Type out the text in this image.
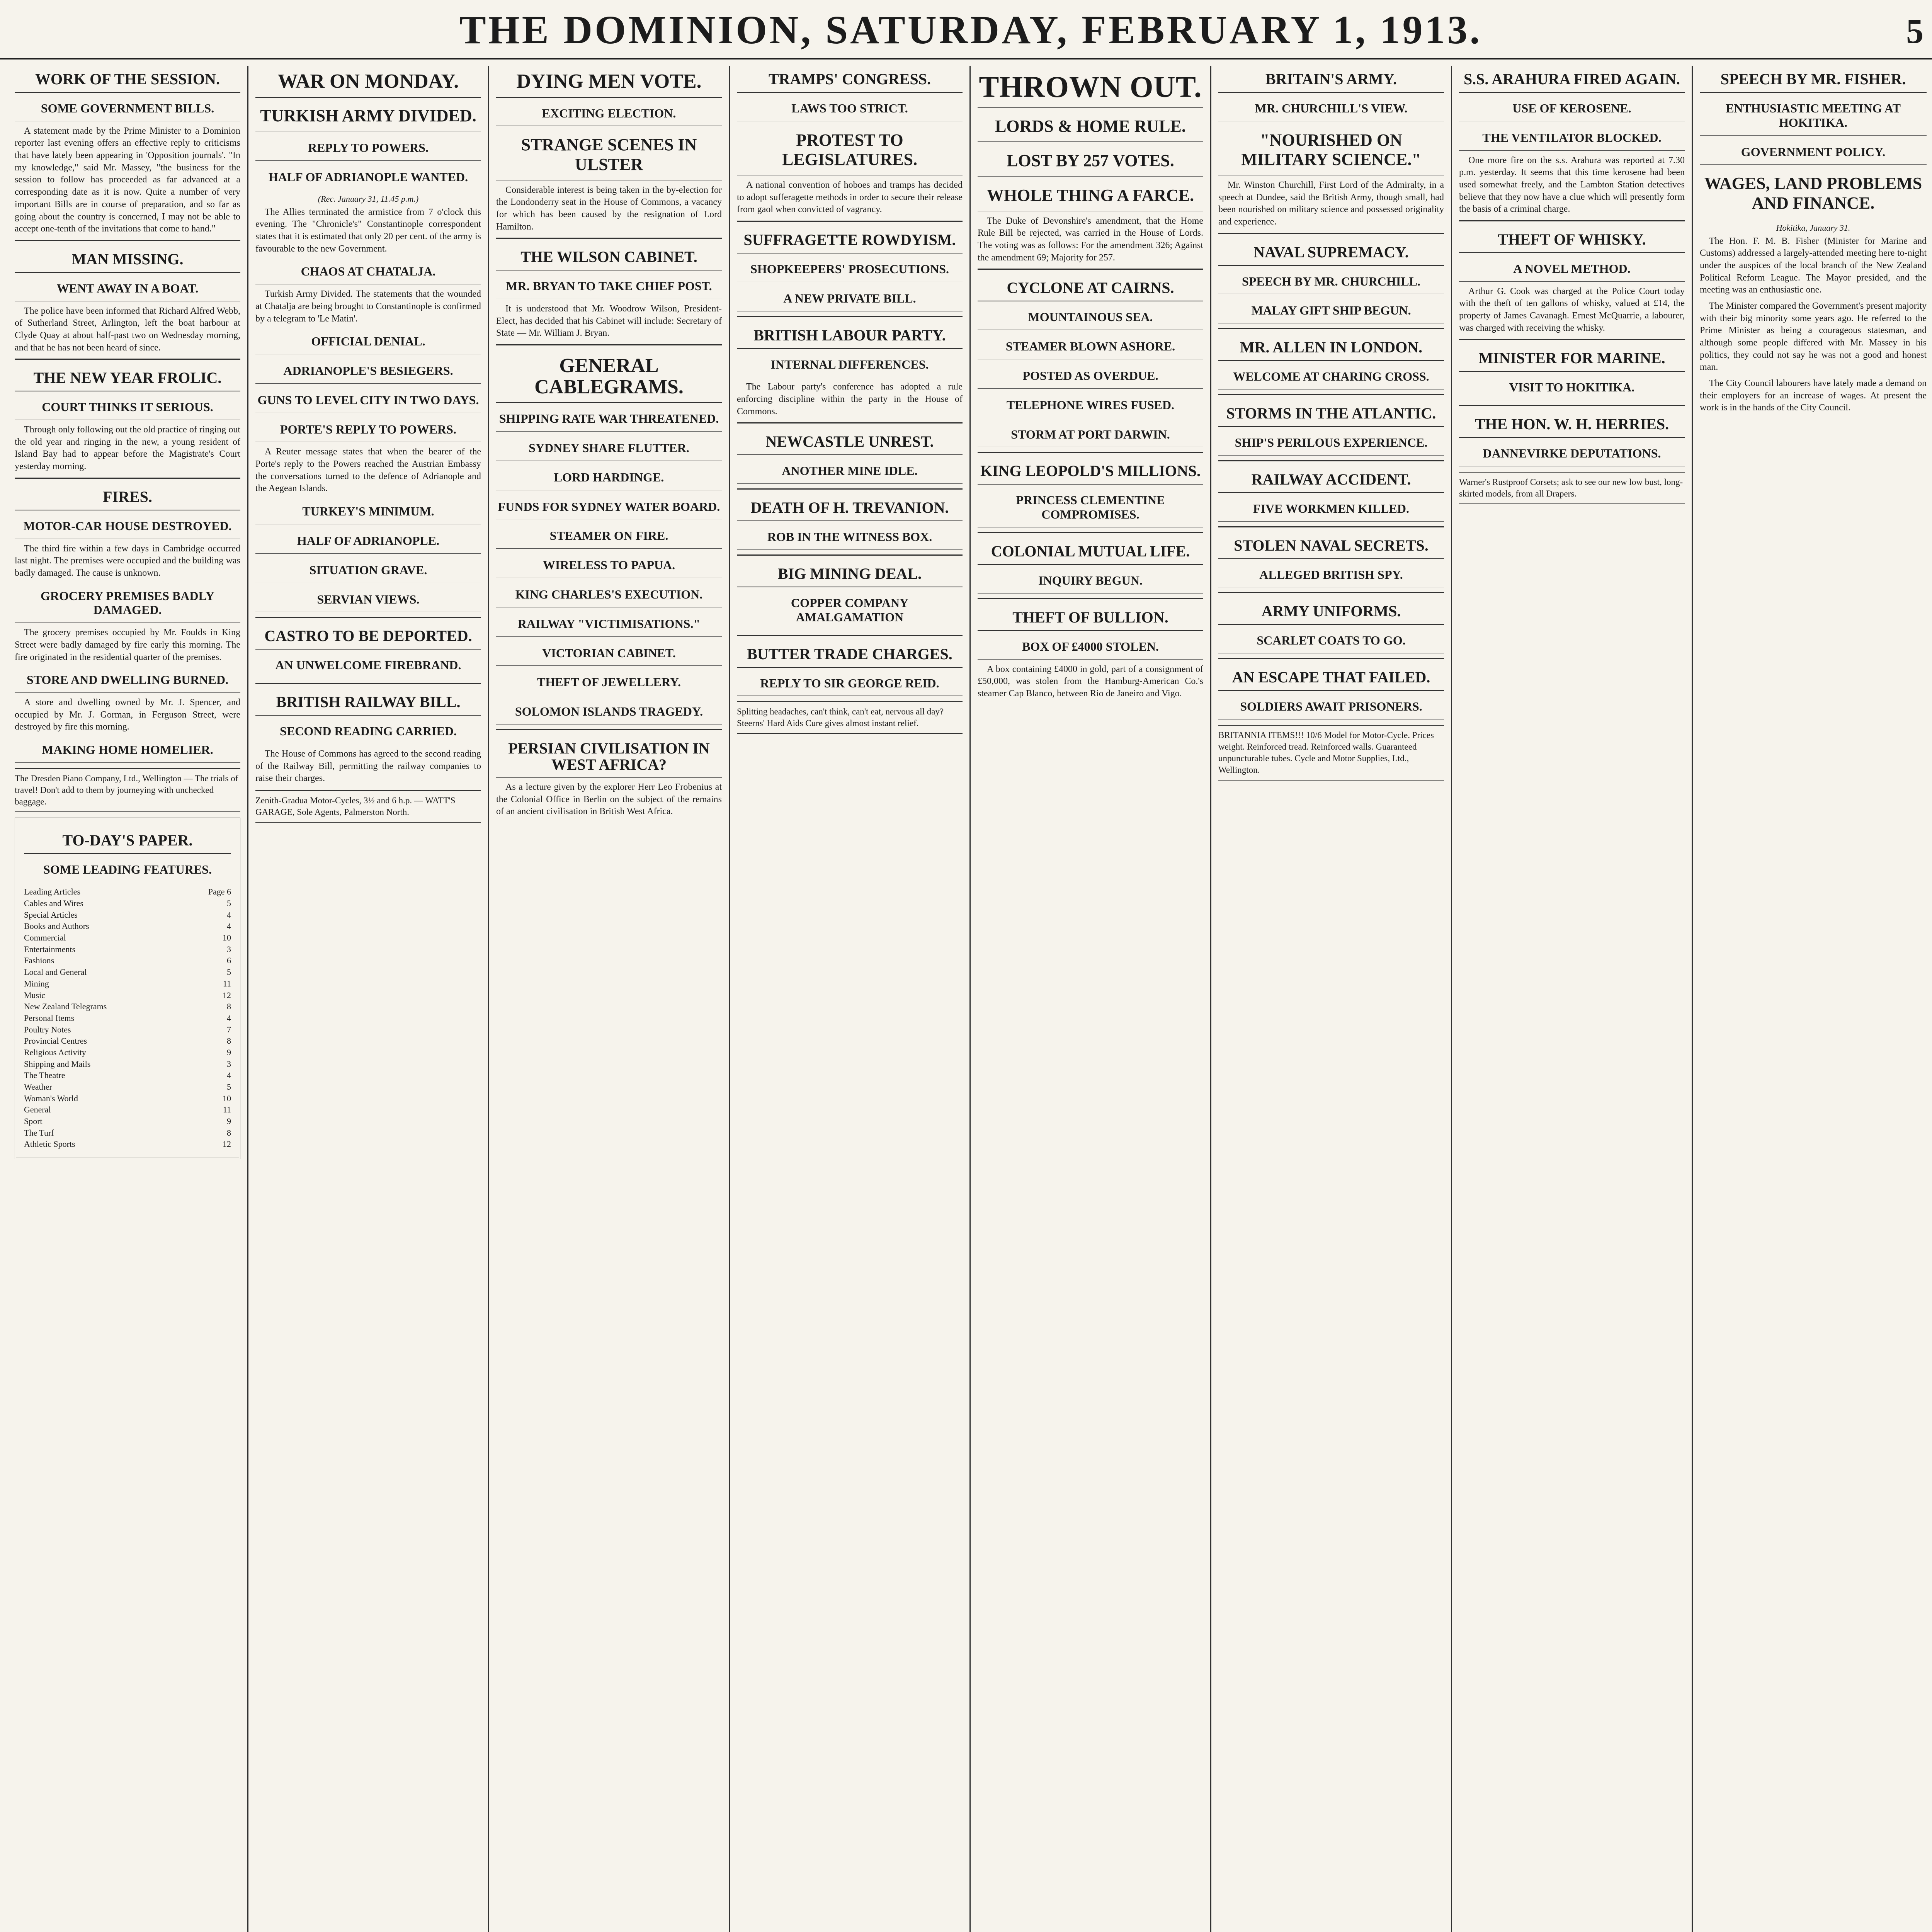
THE DOMINION, SATURDAY, FEBRUARY 1, 1913.	5
WORK OF THE SESSION.
SOME GOVERNMENT BILLS.

A statement made by the Prime Minister to a Dominion reporter last evening offers an effective reply to criticisms that have lately been appearing in 'Opposition journals'. "In my knowledge," said Mr. Massey, "the business for the session to follow has proceeded as far advanced at a corresponding date as it is now. Quite a number of very important Bills are in course of preparation, and so far as going about the country is concerned, I may not be able to accept one-tenth of the invitations that come to hand."

MAN MISSING.
WENT AWAY IN A BOAT.

The police have been informed that Richard Alfred Webb, of Sutherland Street, Arlington, left the boat harbour at Clyde Quay at about half-past two on Wednesday morning, and that he has not been heard of since.

THE NEW YEAR FROLIC.
COURT THINKS IT SERIOUS.

Through only following out the old practice of ringing out the old year and ringing in the new, a young resident of Island Bay had to appear before the Magistrate's Court yesterday morning.

FIRES.
MOTOR-CAR HOUSE DESTROYED.

The third fire within a few days in Cambridge occurred last night. The premises were occupied and the building was badly damaged. The cause is unknown.

GROCERY PREMISES BADLY DAMAGED.

The grocery premises occupied by Mr. Foulds in King Street were badly damaged by fire early this morning. The fire originated in the residential quarter of the premises.

STORE AND DWELLING BURNED.

A store and dwelling owned by Mr. J. Spencer, and occupied by Mr. J. Gorman, in Ferguson Street, were destroyed by fire this morning.

MAKING HOME HOMELIER.
The Dresden Piano Company, Ltd., Wellington — The trials of travel! Don't add to them by journeying with unchecked baggage.
TO-DAY'S PAPER.
SOME LEADING FEATURES.
Leading Articles	Page 6
Cables and Wires	5
Special Articles	4
Books and Authors	4
Commercial	10
Entertainments	3
Fashions	6
Local and General	5
Mining	11
Music	12
New Zealand Telegrams	8
Personal Items	4
Poultry Notes	7
Provincial Centres	8
Religious Activity	9
Shipping and Mails	3
The Theatre	4
Weather	5
Woman's World	10
General	11
Sport	9
The Turf	8
Athletic Sports	12
WAR ON MONDAY.
TURKISH ARMY DIVIDED.
REPLY TO POWERS.
HALF OF ADRIANOPLE WANTED.
(Rec. January 31, 11.45 p.m.)

The Allies terminated the armistice from 7 o'clock this evening. The "Chronicle's" Constantinople correspondent states that it is estimated that only 20 per cent. of the army is favourable to the new Government.

CHAOS AT CHATALJA.

Turkish Army Divided. The statements that the wounded at Chatalja are being brought to Constantinople is confirmed by a telegram to 'Le Matin'.

OFFICIAL DENIAL.
ADRIANOPLE'S BESIEGERS.
GUNS TO LEVEL CITY IN TWO DAYS.
PORTE'S REPLY TO POWERS.

A Reuter message states that when the bearer of the Porte's reply to the Powers reached the Austrian Embassy the conversations turned to the defence of Adrianople and the Aegean Islands.

TURKEY'S MINIMUM.
HALF OF ADRIANOPLE.
SITUATION GRAVE.
SERVIAN VIEWS.
CASTRO TO BE DEPORTED.
AN UNWELCOME FIREBRAND.
BRITISH RAILWAY BILL.
SECOND READING CARRIED.

The House of Commons has agreed to the second reading of the Railway Bill, permitting the railway companies to raise their charges.

Zenith-Gradua Motor-Cycles, 3½ and 6 h.p. — WATT'S GARAGE, Sole Agents, Palmerston North.
DYING MEN VOTE.
EXCITING ELECTION.
STRANGE SCENES IN ULSTER

Considerable interest is being taken in the by-election for the Londonderry seat in the House of Commons, a vacancy for which has been caused by the resignation of Lord Hamilton.

THE WILSON CABINET.
MR. BRYAN TO TAKE CHIEF POST.

It is understood that Mr. Woodrow Wilson, President-Elect, has decided that his Cabinet will include: Secretary of State — Mr. William J. Bryan.

GENERAL CABLEGRAMS.
SHIPPING RATE WAR THREATENED.
SYDNEY SHARE FLUTTER.
LORD HARDINGE.
FUNDS FOR SYDNEY WATER BOARD.
STEAMER ON FIRE.
WIRELESS TO PAPUA.
KING CHARLES'S EXECUTION.
RAILWAY "VICTIMISATIONS."
VICTORIAN CABINET.
THEFT OF JEWELLERY.
SOLOMON ISLANDS TRAGEDY.
PERSIAN CIVILISATION IN WEST AFRICA?

As a lecture given by the explorer Herr Leo Frobenius at the Colonial Office in Berlin on the subject of the remains of an ancient civilisation in British West Africa.

TRAMPS' CONGRESS.
LAWS TOO STRICT.
PROTEST TO LEGISLATURES.

A national convention of hoboes and tramps has decided to adopt sufferagette methods in order to secure their release from gaol when convicted of vagrancy.

SUFFRAGETTE ROWDYISM.
SHOPKEEPERS' PROSECUTIONS.
A NEW PRIVATE BILL.
BRITISH LABOUR PARTY.
INTERNAL DIFFERENCES.

The Labour party's conference has adopted a rule enforcing discipline within the party in the House of Commons.

NEWCASTLE UNREST.
ANOTHER MINE IDLE.
DEATH OF H. TREVANION.
ROB IN THE WITNESS BOX.
BIG MINING DEAL.
COPPER COMPANY AMALGAMATION
BUTTER TRADE CHARGES.
REPLY TO SIR GEORGE REID.
Splitting headaches, can't think, can't eat, nervous all day? Steerns' Hard Aids Cure gives almost instant relief.
THROWN OUT.
LORDS & HOME RULE.
LOST BY 257 VOTES.
WHOLE THING A FARCE.

The Duke of Devonshire's amendment, that the Home Rule Bill be rejected, was carried in the House of Lords. The voting was as follows: For the amendment 326; Against the amendment 69; Majority for 257.

CYCLONE AT CAIRNS.
MOUNTAINOUS SEA.
STEAMER BLOWN ASHORE.
POSTED AS OVERDUE.
TELEPHONE WIRES FUSED.
STORM AT PORT DARWIN.
KING LEOPOLD'S MILLIONS.
PRINCESS CLEMENTINE COMPROMISES.
COLONIAL MUTUAL LIFE.
INQUIRY BEGUN.
THEFT OF BULLION.
BOX OF £4000 STOLEN.

A box containing £4000 in gold, part of a consignment of £50,000, was stolen from the Hamburg-American Co.'s steamer Cap Blanco, between Rio de Janeiro and Vigo.

BRITAIN'S ARMY.
MR. CHURCHILL'S VIEW.
"NOURISHED ON MILITARY SCIENCE."

Mr. Winston Churchill, First Lord of the Admiralty, in a speech at Dundee, said the British Army, though small, had been nourished on military science and possessed originality and experience.

NAVAL SUPREMACY.
SPEECH BY MR. CHURCHILL.
MALAY GIFT SHIP BEGUN.
MR. ALLEN IN LONDON.
WELCOME AT CHARING CROSS.
STORMS IN THE ATLANTIC.
SHIP'S PERILOUS EXPERIENCE.
RAILWAY ACCIDENT.
FIVE WORKMEN KILLED.
STOLEN NAVAL SECRETS.
ALLEGED BRITISH SPY.
ARMY UNIFORMS.
SCARLET COATS TO GO.
AN ESCAPE THAT FAILED.
SOLDIERS AWAIT PRISONERS.
BRITANNIA ITEMS!!! 10/6 Model for Motor-Cycle. Prices weight. Reinforced tread. Reinforced walls. Guaranteed unpuncturable tubes. Cycle and Motor Supplies, Ltd., Wellington.
S.S. ARAHURA FIRED AGAIN.
USE OF KEROSENE.
THE VENTILATOR BLOCKED.

One more fire on the s.s. Arahura was reported at 7.30 p.m. yesterday. It seems that this time kerosene had been used somewhat freely, and the Lambton Station detectives believe that they now have a clue which will presently form the basis of a criminal charge.

THEFT OF WHISKY.
A NOVEL METHOD.

Arthur G. Cook was charged at the Police Court today with the theft of ten gallons of whisky, valued at £14, the property of James Cavanagh. Ernest McQuarrie, a labourer, was charged with receiving the whisky.

MINISTER FOR MARINE.
VISIT TO HOKITIKA.
THE HON. W. H. HERRIES.
DANNEVIRKE DEPUTATIONS.
Warner's Rustproof Corsets; ask to see our new low bust, long-skirted models, from all Drapers.
SPEECH BY MR. FISHER.
ENTHUSIASTIC MEETING AT HOKITIKA.
GOVERNMENT POLICY.
WAGES, LAND PROBLEMS AND FINANCE.
Hokitika, January 31.

The Hon. F. M. B. Fisher (Minister for Marine and Customs) addressed a largely-attended meeting here to-night under the auspices of the local branch of the New Zealand Political Reform League. The Mayor presided, and the meeting was an enthusiastic one.

The Minister compared the Government's present majority with their big minority some years ago. He referred to the Prime Minister as being a courageous statesman, and although some people differed with Mr. Massey in his politics, they could not say he was not a good and honest man.

The City Council labourers have lately made a demand on their employers for an increase of wages. At present the work is in the hands of the City Council.
